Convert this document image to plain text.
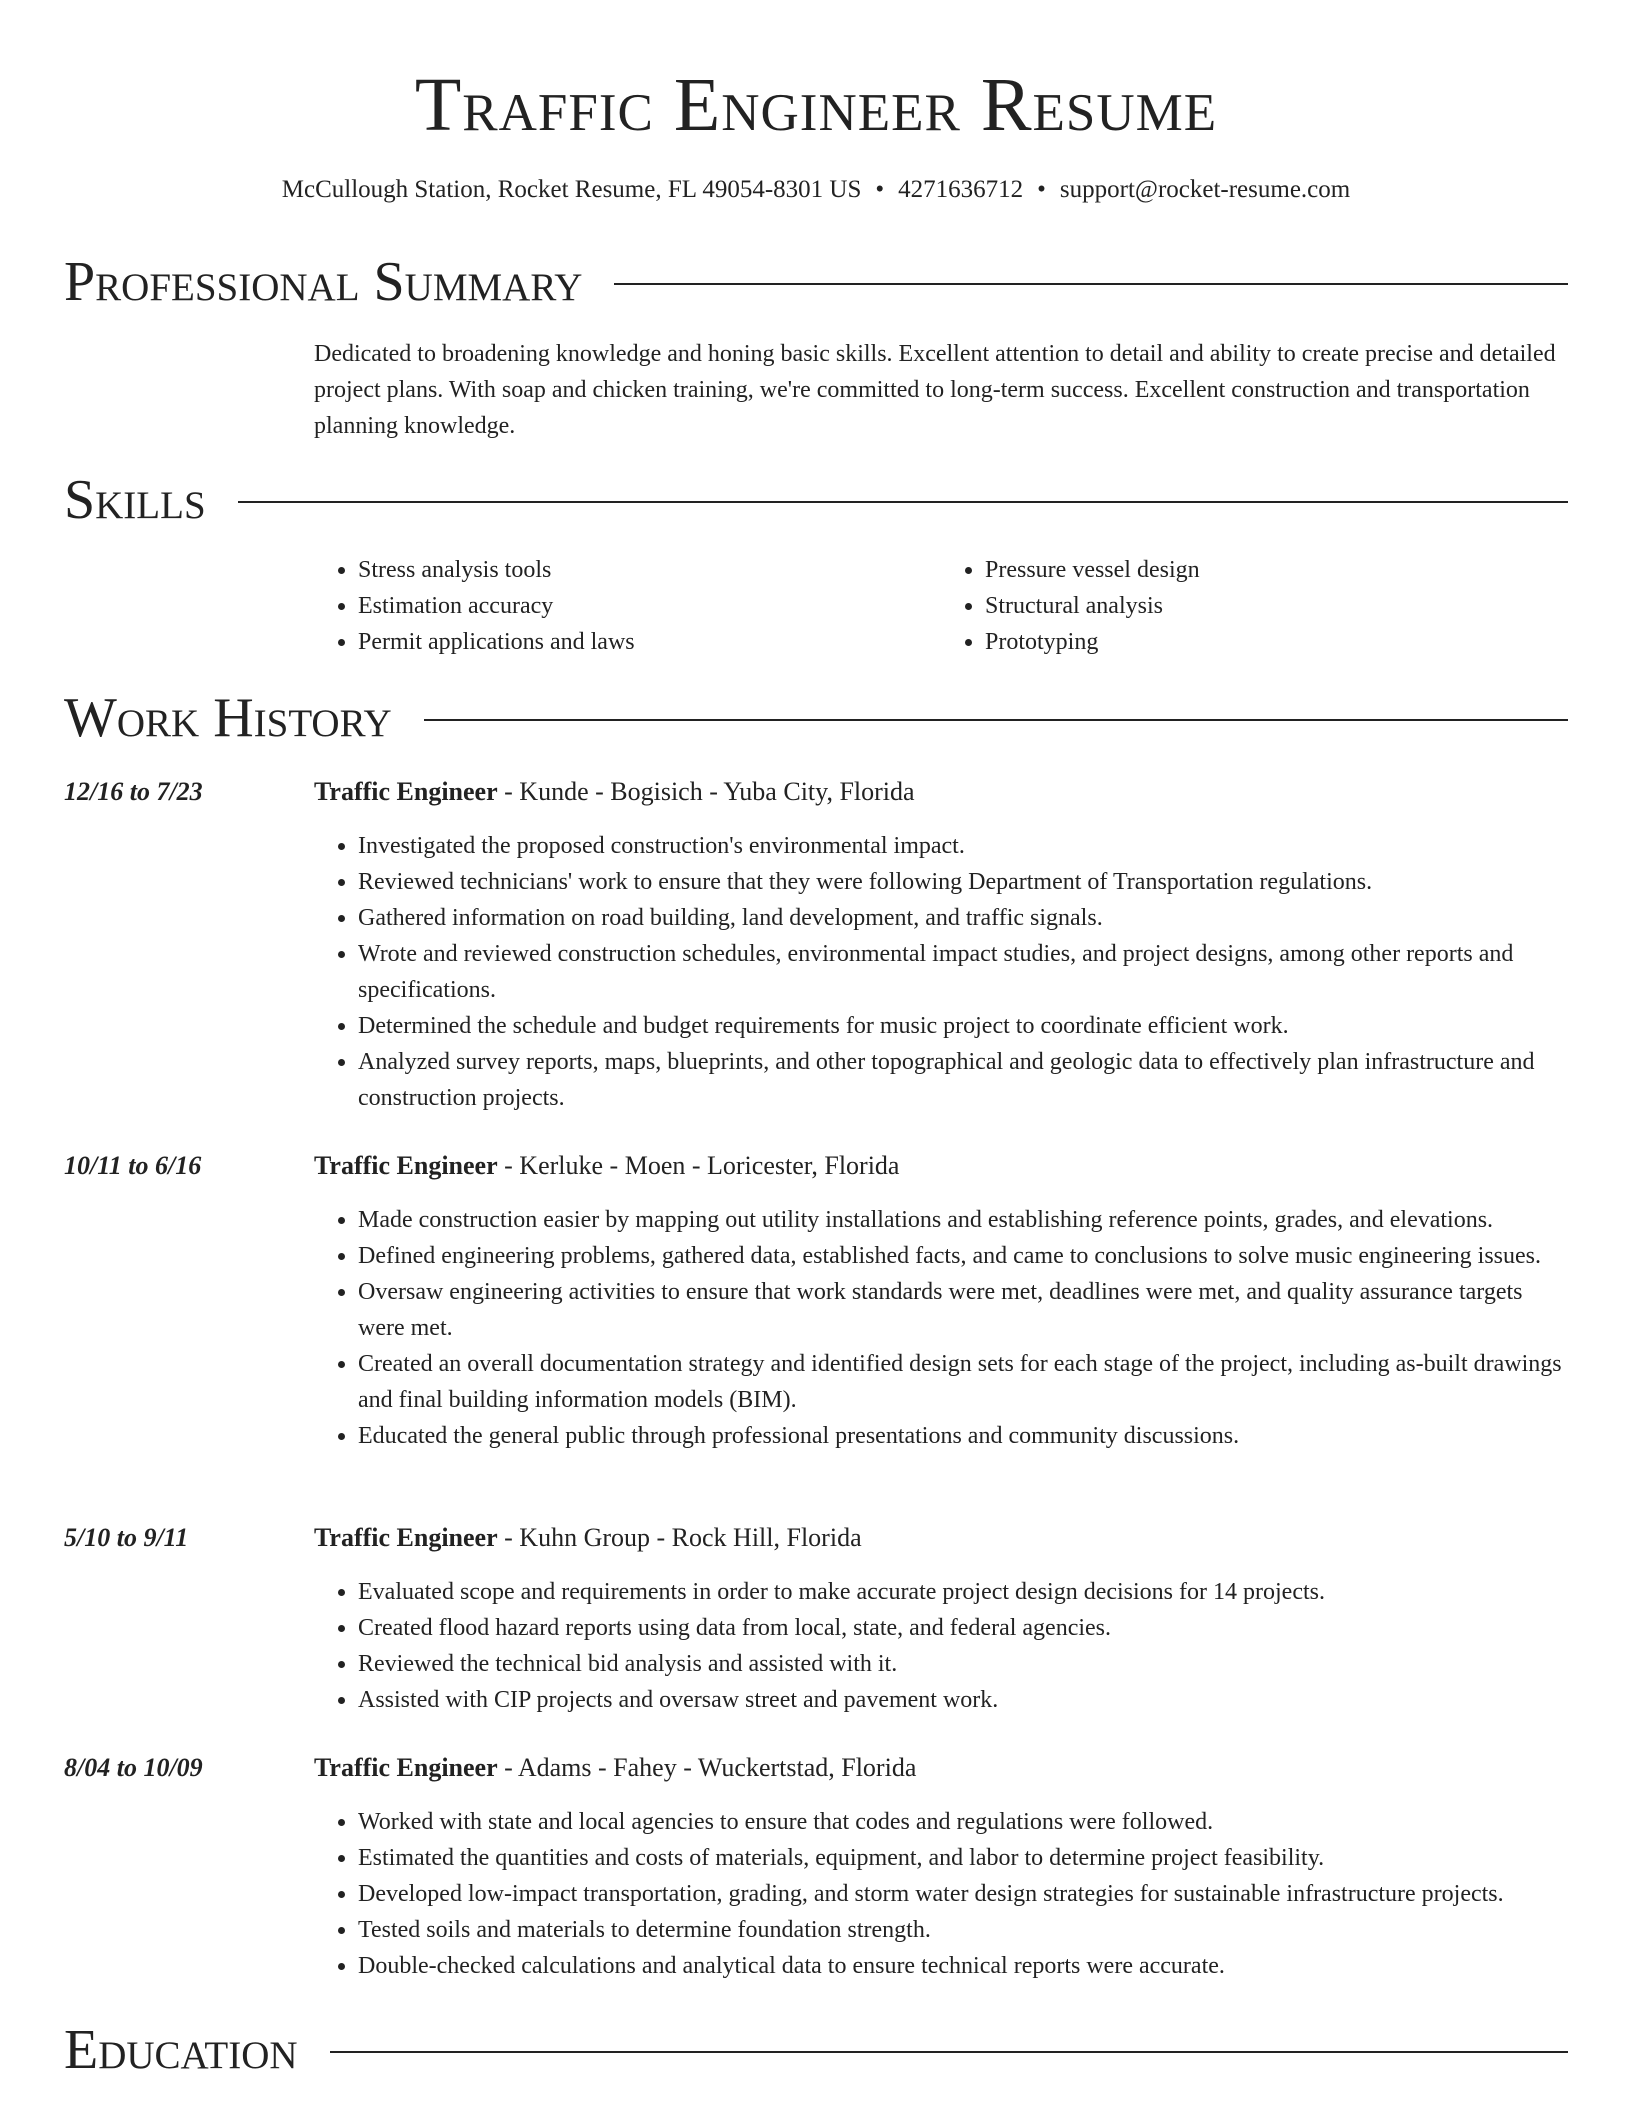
Traffic Engineer Resume
McCullough Station, Rocket Resume, FL 49054-8301 US • 4271636712 • support@rocket-resume.com
Professional Summary
Dedicated to broadening knowledge and honing basic skills. Excellent attention to detail and ability to create precise and detailed project plans. With soap and chicken training, we're committed to long-term success. Excellent construction and transportation planning knowledge.
Skills
• Stress analysis tools
• Estimation accuracy
• Permit applications and laws
• Pressure vessel design
• Structural analysis
• Prototyping
Work History
12/16 to 7/23	Traffic Engineer - Kunde - Bogisich - Yuba City, Florida
• Investigated the proposed construction's environmental impact.
• Reviewed technicians' work to ensure that they were following Department of Transportation regulations.
• Gathered information on road building, land development, and traffic signals.
• Wrote and reviewed construction schedules, environmental impact studies, and project designs, among other reports and specifications.
• Determined the schedule and budget requirements for music project to coordinate efficient work.
• Analyzed survey reports, maps, blueprints, and other topographical and geologic data to effectively plan infrastructure and construction projects.
10/11 to 6/16	Traffic Engineer - Kerluke - Moen - Loricester, Florida
• Made construction easier by mapping out utility installations and establishing reference points, grades, and elevations.
• Defined engineering problems, gathered data, established facts, and came to conclusions to solve music engineering issues.
• Oversaw engineering activities to ensure that work standards were met, deadlines were met, and quality assurance targets were met.
• Created an overall documentation strategy and identified design sets for each stage of the project, including as-built drawings and final building information models (BIM).
• Educated the general public through professional presentations and community discussions.
5/10 to 9/11	Traffic Engineer - Kuhn Group - Rock Hill, Florida
• Evaluated scope and requirements in order to make accurate project design decisions for 14 projects.
• Created flood hazard reports using data from local, state, and federal agencies.
• Reviewed the technical bid analysis and assisted with it.
• Assisted with CIP projects and oversaw street and pavement work.
8/04 to 10/09	Traffic Engineer - Adams - Fahey - Wuckertstad, Florida
• Worked with state and local agencies to ensure that codes and regulations were followed.
• Estimated the quantities and costs of materials, equipment, and labor to determine project feasibility.
• Developed low-impact transportation, grading, and storm water design strategies for sustainable infrastructure projects.
• Tested soils and materials to determine foundation strength.
• Double-checked calculations and analytical data to ensure technical reports were accurate.
Education
